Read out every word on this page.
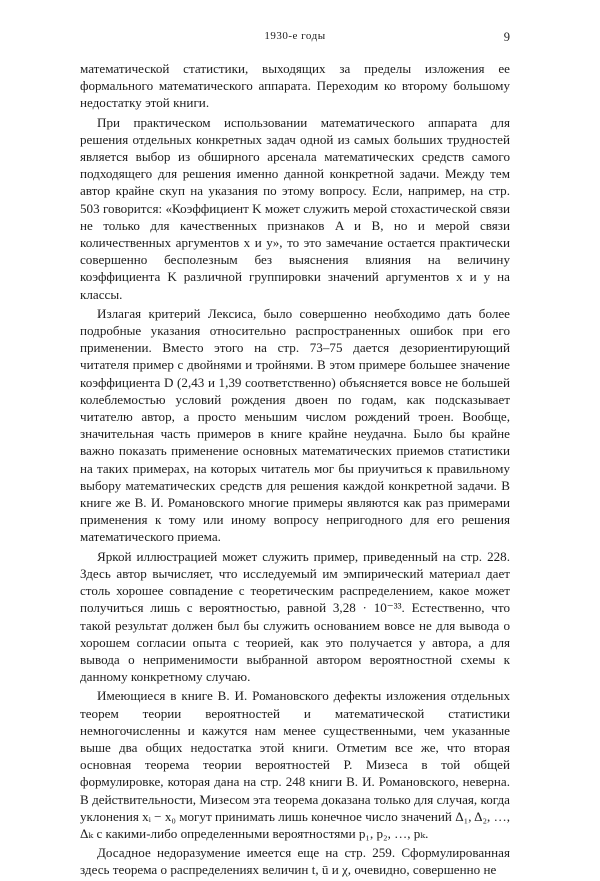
1930-е годы	9

математической статистики, выходящих за пределы изложения ее формального математического аппарата. Переходим ко второму большому недостатку этой книги.

При практическом использовании математического аппарата для решения отдельных конкретных задач одной из самых больших трудностей является выбор из обширного арсенала математических средств самого подходящего для решения именно данной конкретной задачи. Между тем автор крайне скуп на указания по этому вопросу. Если, например, на стр. 503 говорится: «Коэффициент K может служить мерой стохастической связи не только для качественных признаков A и B, но и мерой связи количественных аргументов x и y», то это замечание остается практически совершенно бесполезным без выяснения влияния на величину коэффициента K различной группировки значений аргументов x и y на классы.

Излагая критерий Лексиса, было совершенно необходимо дать более подробные указания относительно распространенных ошибок при его применении. Вместо этого на стр. 73–75 дается дезориентирующий читателя пример с двойнями и тройнями. В этом примере большее значение коэффициента D (2,43 и 1,39 соответственно) объясняется вовсе не большей колеблемостью условий рождения двоен по годам, как подсказывает читателю автор, а просто меньшим числом рождений троен. Вообще, значительная часть примеров в книге крайне неудачна. Было бы крайне важно показать применение основных математических приемов статистики на таких примерах, на которых читатель мог бы приучиться к правильному выбору математических средств для решения каждой конкретной задачи. В книге же В. И. Романовского многие примеры являются как раз примерами применения к тому или иному вопросу непригодного для его решения математического приема.

Яркой иллюстрацией может служить пример, приведенный на стр. 228. Здесь автор вычисляет, что исследуемый им эмпирический материал дает столь хорошее совпадение с теоретическим распределением, какое может получиться лишь с вероятностью, равной 3,28 · 10⁻³³. Естественно, что такой результат должен был бы служить основанием вовсе не для вывода о хорошем согласии опыта с теорией, как это получается у автора, а для вывода о неприменимости выбранной автором вероятностной схемы к данному конкретному случаю.

Имеющиеся в книге В. И. Романовского дефекты изложения отдельных теорем теории вероятностей и математической статистики немногочисленны и кажутся нам менее существенными, чем указанные выше два общих недостатка этой книги. Отметим все же, что вторая основная теорема теории вероятностей Р. Мизеса в той общей формулировке, которая дана на стр. 248 книги В. И. Романовского, неверна. В действительности, Мизесом эта теорема доказана только для случая, когда уклонения xᵢ − x₀ могут принимать лишь конечное число значений Δ₁, Δ₂, …, Δₖ с какими-либо определенными вероятностями p₁, p₂, …, pₖ.

Досадное недоразумение имеется еще на стр. 259. Сформулированная здесь теорема о распределениях величин t, ū и χ, очевидно, совершенно не
